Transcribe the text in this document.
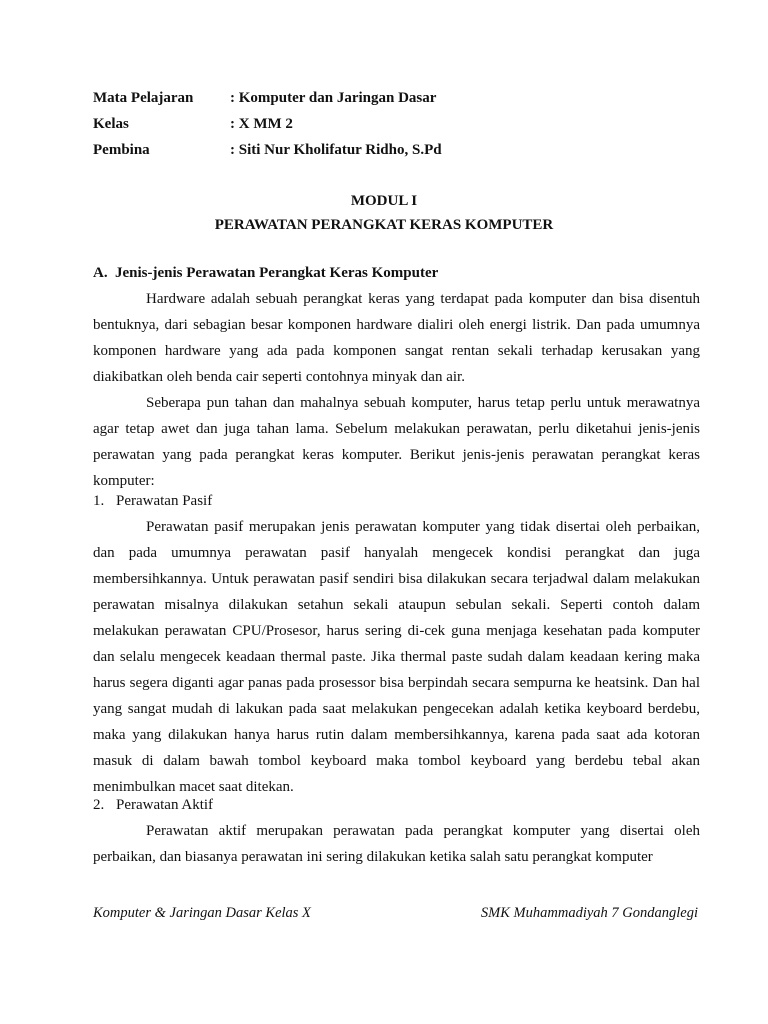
Mata Pelajaran : Komputer dan Jaringan Dasar
Kelas	: X MM 2
Pembina	: Siti Nur Kholifatur Ridho, S.Pd
MODUL I
PERAWATAN PERANGKAT KERAS KOMPUTER
A. Jenis-jenis Perawatan Perangkat Keras Komputer

Hardware adalah sebuah perangkat keras yang terdapat pada komputer dan bisa disentuh bentuknya, dari sebagian besar komponen hardware dialiri oleh energi listrik. Dan pada umumnya komponen hardware yang ada pada komponen sangat rentan sekali terhadap kerusakan yang diakibatkan oleh benda cair seperti contohnya minyak dan air.

Seberapa pun tahan dan mahalnya sebuah komputer, harus tetap perlu untuk merawatnya agar tetap awet dan juga tahan lama. Sebelum melakukan perawatan, perlu diketahui jenis-jenis perawatan yang pada perangkat keras komputer. Berikut jenis-jenis perawatan perangkat keras komputer:

1. Perawatan Pasif

Perawatan pasif merupakan jenis perawatan komputer yang tidak disertai oleh perbaikan, dan pada umumnya perawatan pasif hanyalah mengecek kondisi perangkat dan juga membersihkannya. Untuk perawatan pasif sendiri bisa dilakukan secara terjadwal dalam melakukan perawatan misalnya dilakukan setahun sekali ataupun sebulan sekali. Seperti contoh dalam melakukan perawatan CPU/Prosesor, harus sering di-cek guna menjaga kesehatan pada komputer dan selalu mengecek keadaan thermal paste. Jika thermal paste sudah dalam keadaan kering maka harus segera diganti agar panas pada prosessor bisa berpindah secara sempurna ke heatsink. Dan hal yang sangat mudah di lakukan pada saat melakukan pengecekan adalah ketika keyboard berdebu, maka yang dilakukan hanya harus rutin dalam membersihkannya, karena pada saat ada kotoran masuk di dalam bawah tombol keyboard maka tombol keyboard yang berdebu tebal akan menimbulkan macet saat ditekan.

2. Perawatan Aktif

Perawatan aktif merupakan perawatan pada perangkat komputer yang disertai oleh perbaikan, dan biasanya perawatan ini sering dilakukan ketika salah satu perangkat komputer

Komputer & Jaringan Dasar Kelas X	SMK Muhammadiyah 7 Gondanglegi
